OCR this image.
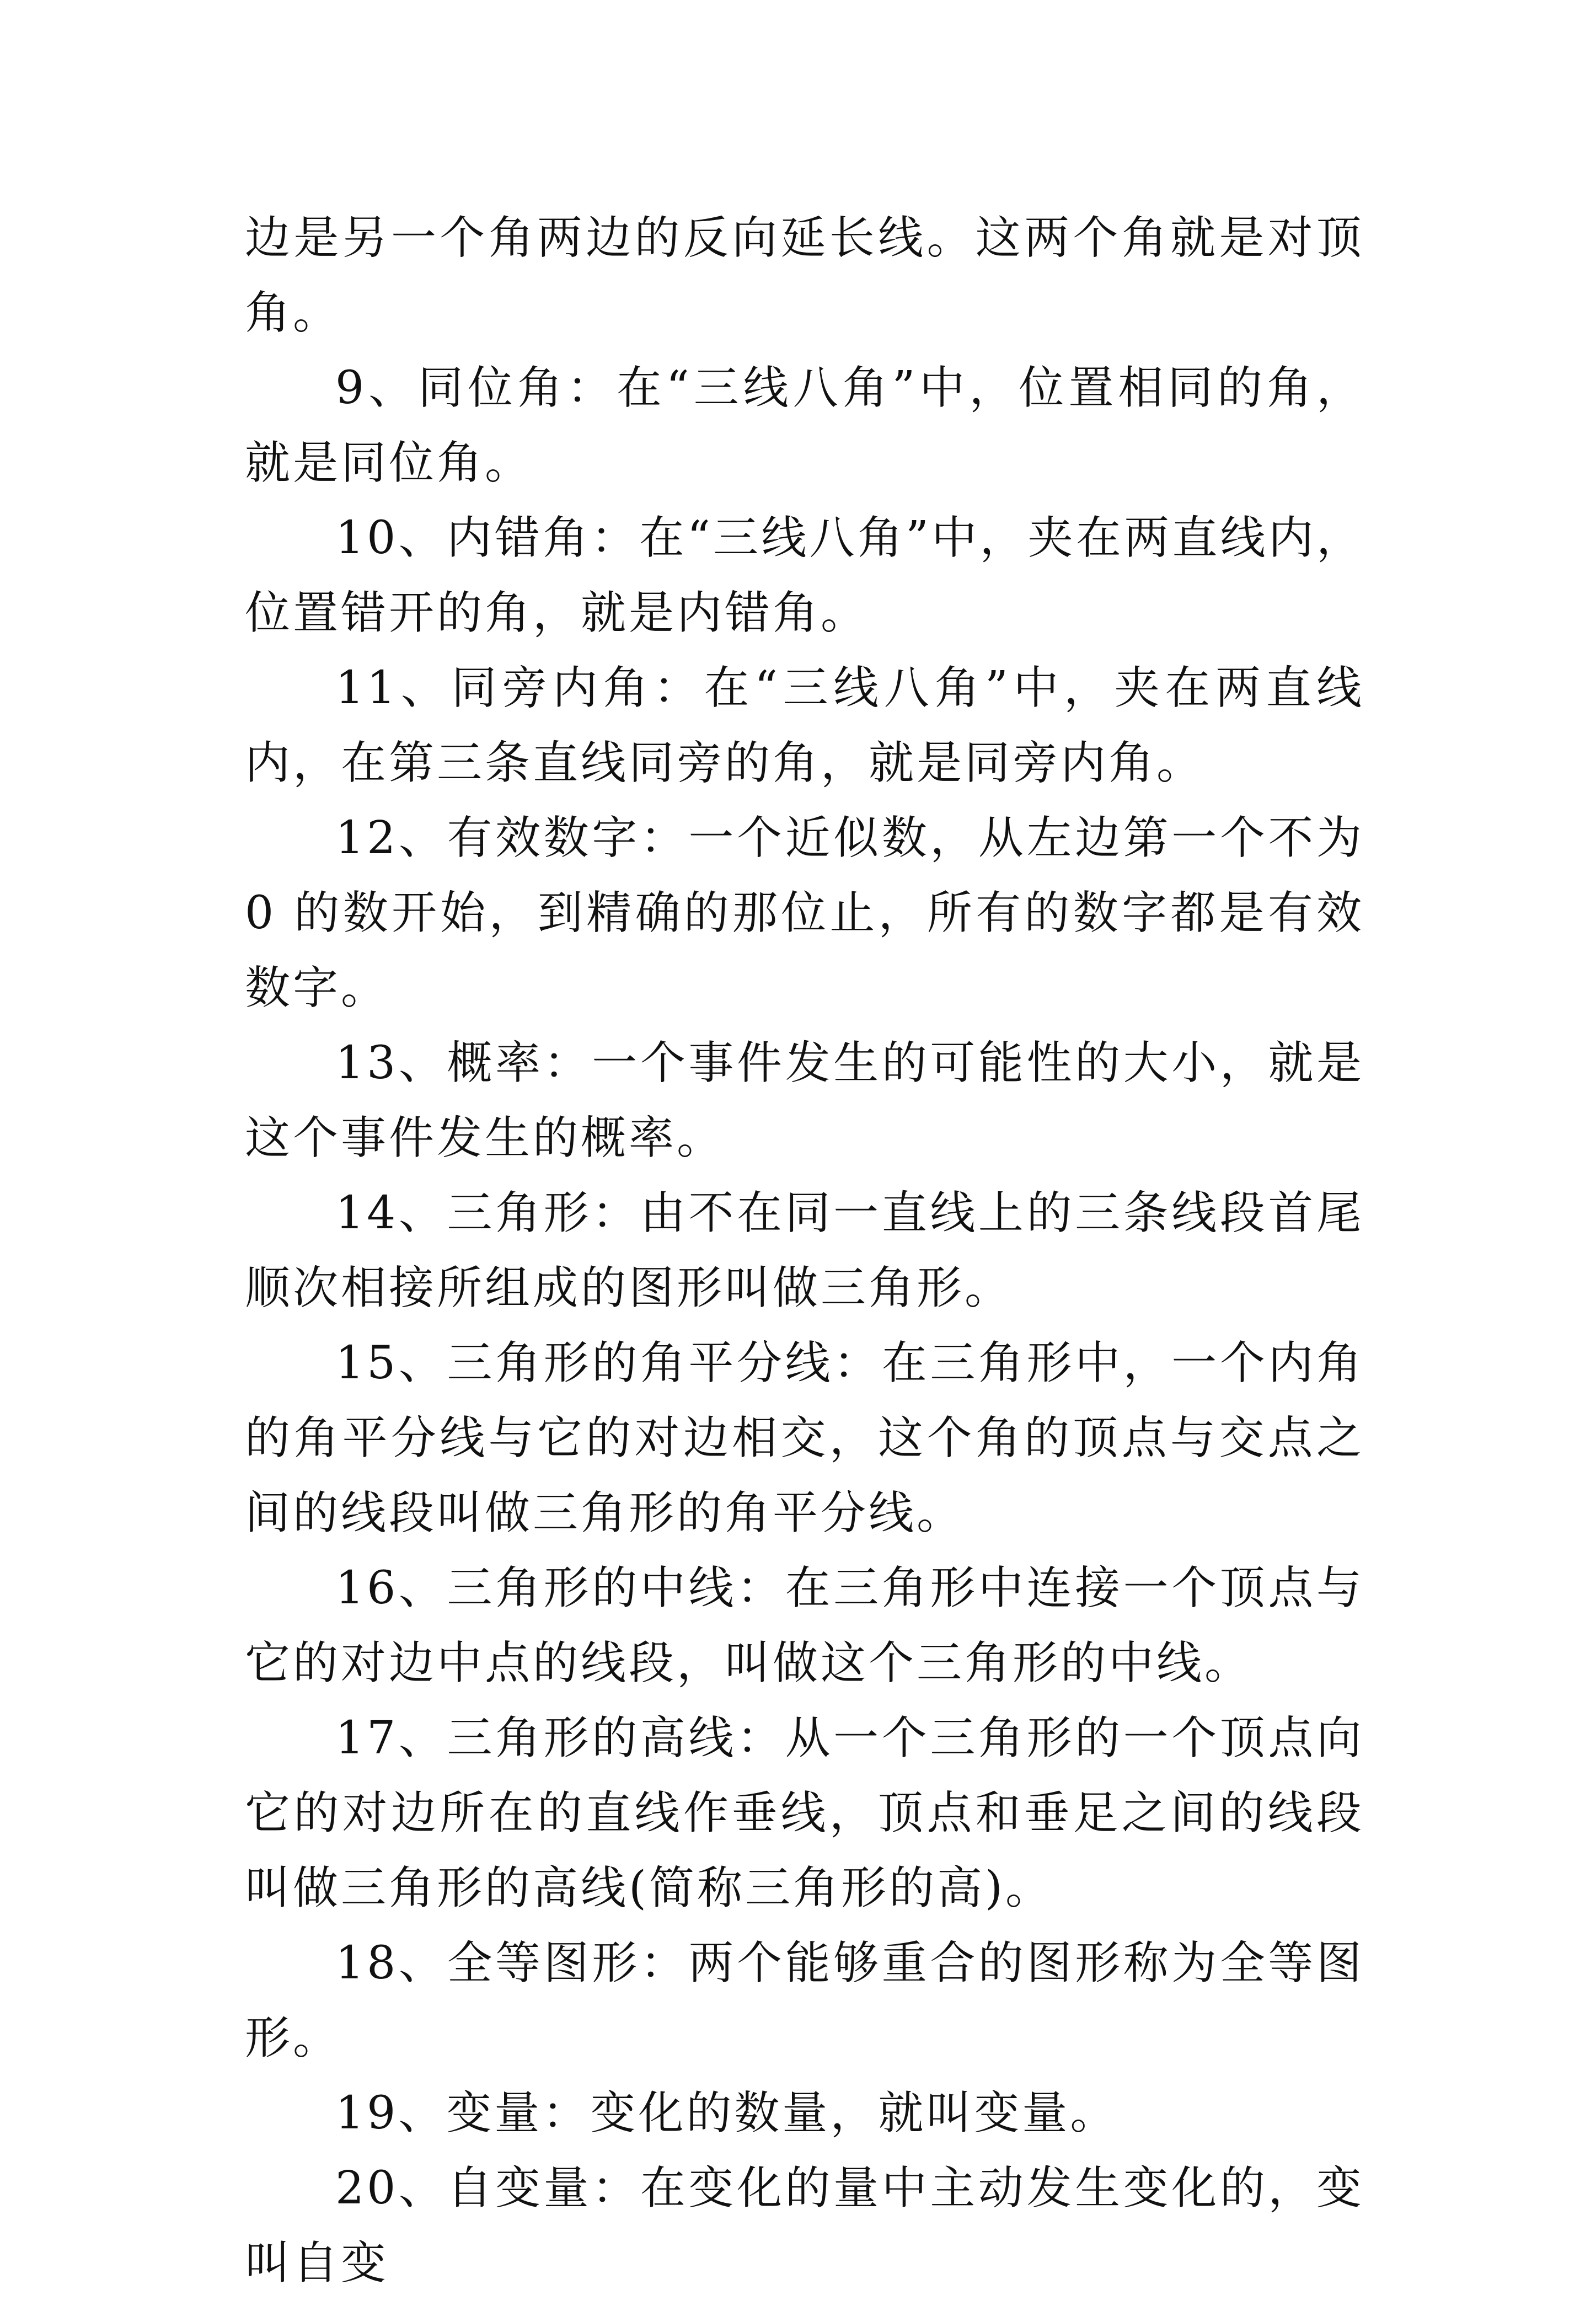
边是另一个角两边的反向延长线。这两个角就是对顶角。

9、同位角：在“三线八角”中，位置相同的角，就是同位角。

10、内错角：在“三线八角”中，夹在两直线内，位置错开的角，就是内错角。

11、同旁内角：在“三线八角”中，夹在两直线内，在第三条直线同旁的角，就是同旁内角。

12、有效数字：一个近似数，从左边第一个不为 0 的数开始，到精确的那位止，所有的数字都是有效数字。

13、概率：一个事件发生的可能性的大小，就是这个事件发生的概率。

14、三角形：由不在同一直线上的三条线段首尾顺次相接所组成的图形叫做三角形。

15、三角形的角平分线：在三角形中，一个内角的角平分线与它的对边相交，这个角的顶点与交点之间的线段叫做三角形的角平分线。

16、三角形的中线：在三角形中连接一个顶点与它的对边中点的线段，叫做这个三角形的中线。

17、三角形的高线：从一个三角形的一个顶点向它的对边所在的直线作垂线，顶点和垂足之间的线段叫做三角形的高线(简称三角形的高)。

18、全等图形：两个能够重合的图形称为全等图形。

19、变量：变化的数量，就叫变量。

20、自变量：在变化的量中主动发生变化的，变叫自变
